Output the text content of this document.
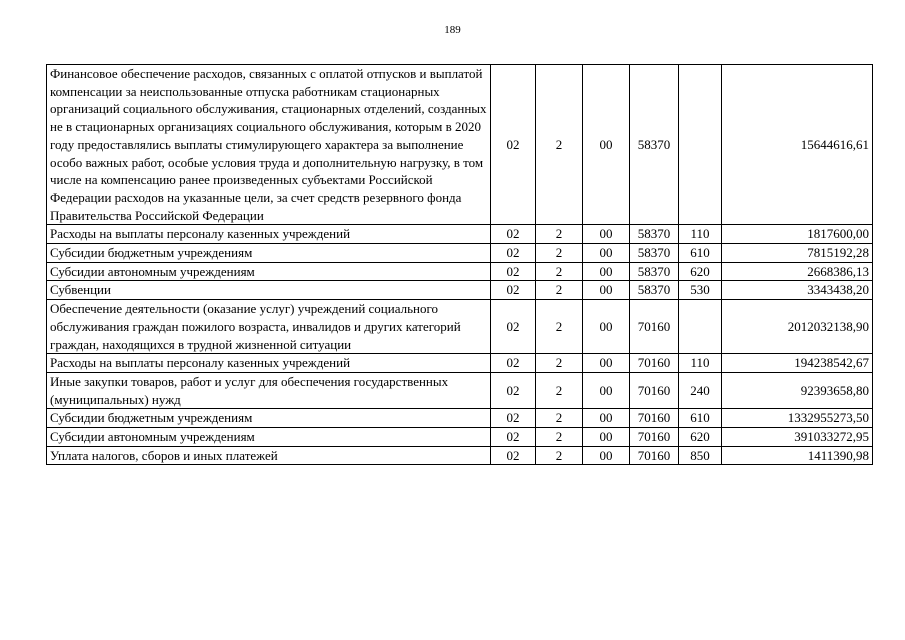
189
Финансовое обеспечение расходов, связанных с оплатой отпусков и выплатой компенсации за неиспользованные отпуска работникам стационарных организаций социального обслуживания, стационарных отделений, созданных не в стационарных организациях социального обслуживания, которым в 2020 году предоставлялись выплаты стимулирующего характера за выполнение особо важных работ, особые условия труда и дополнительную нагрузку, в том числе на компенсацию ранее произведенных субъектами Российской Федерации расходов на указанные цели, за счет средств резервного фонда Правительства Российской Федерации	02	2	00	58370		15644616,61
Расходы на выплаты персоналу казенных учреждений	02	2	00	58370	110	1817600,00
Субсидии бюджетным учреждениям	02	2	00	58370	610	7815192,28
Субсидии автономным учреждениям	02	2	00	58370	620	2668386,13
Субвенции	02	2	00	58370	530	3343438,20
Обеспечение деятельности (оказание услуг) учреждений социального обслуживания граждан пожилого возраста, инвалидов и других категорий граждан, находящихся в трудной жизненной ситуации	02	2	00	70160		2012032138,90
Расходы на выплаты персоналу казенных учреждений	02	2	00	70160	110	194238542,67
Иные закупки товаров, работ и услуг для обеспечения государственных (муниципальных) нужд	02	2	00	70160	240	92393658,80
Субсидии бюджетным учреждениям	02	2	00	70160	610	1332955273,50
Субсидии автономным учреждениям	02	2	00	70160	620	391033272,95
Уплата налогов, сборов и иных платежей	02	2	00	70160	850	1411390,98
